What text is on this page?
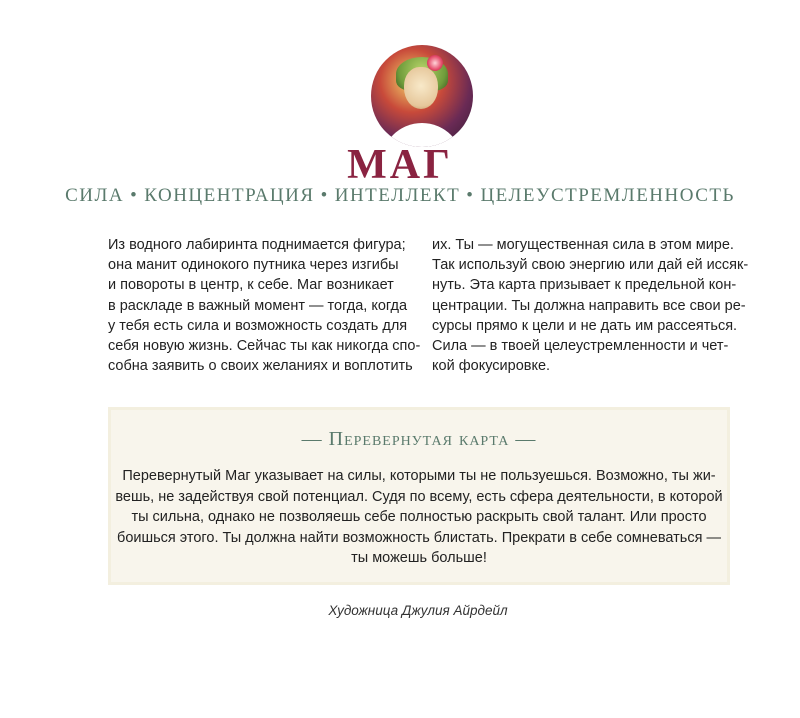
МАГ
СИЛА • КОНЦЕНТРАЦИЯ • ИНТЕЛЛЕКТ • ЦЕЛЕУСТРЕМЛЕННОСТЬ
Из водного лабиринта поднимается фигура;
она манит одинокого путника через изгибы
и повороты в центр, к себе. Маг возникает
в раскладе в важный момент — тогда, когда
у тебя есть сила и возможность создать для
себя новую жизнь. Сейчас ты как никогда спо-
собна заявить о своих желаниях и воплотить
их. Ты — могущественная сила в этом мире.
Так используй свою энергию или дай ей иссяк-
нуть. Эта карта призывает к предельной кон-
центрации. Ты должна направить все свои ре-
сурсы прямо к цели и не дать им рассеяться.
Сила — в твоей целеустремленности и чет-
кой фокусировке.
— Перевернутая карта —
Перевернутый Маг указывает на силы, которыми ты не пользуешься. Возможно, ты жи-
вешь, не задействуя свой потенциал. Судя по всему, есть сфера деятельности, в которой
ты сильна, однако не позволяешь себе полностью раскрыть свой талант. Или просто
боишься этого. Ты должна найти возможность блистать. Прекрати в себе сомневаться —
ты можешь больше!
Художница Джулия Айрдейл
